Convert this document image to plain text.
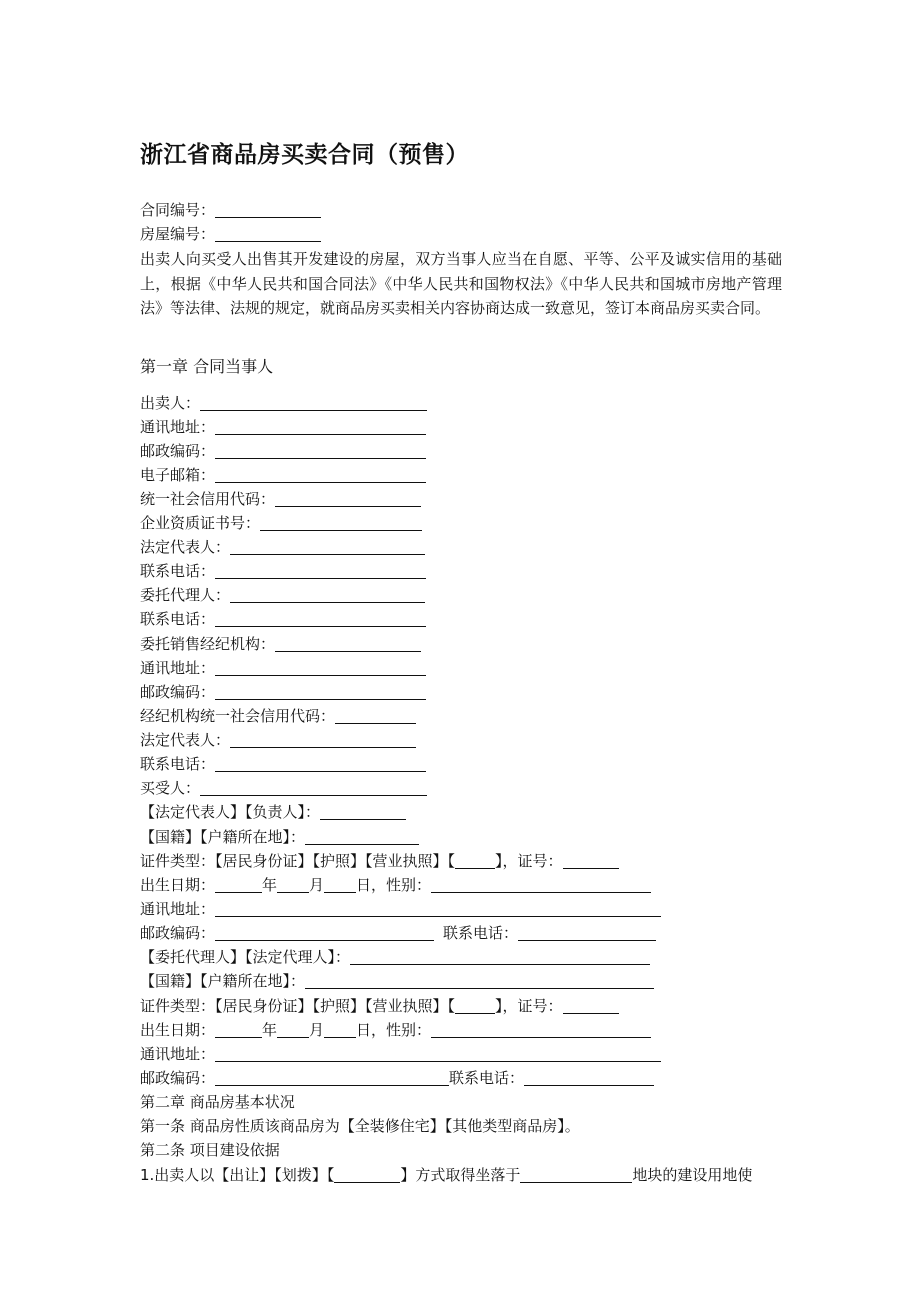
浙江省商品房买卖合同（预售）
合同编号：
房屋编号：
出卖人向买受人出售其开发建设的房屋，双方当事人应当在自愿、平等、公平及诚实信用的基础上，根据《中华人民共和国合同法》《中华人民共和国物权法》《中华人民共和国城市房地产管理法》等法律、法规的规定，就商品房买卖相关内容协商达成一致意见，签订本商品房买卖合同。
第一章 合同当事人
出卖人：
通讯地址：
邮政编码：
电子邮箱：
统一社会信用代码：
企业资质证书号：
法定代表人：
联系电话：
委托代理人：
联系电话：
委托销售经纪机构：
通讯地址：
邮政编码：
经纪机构统一社会信用代码：
法定代表人：
联系电话：
买受人：
【法定代表人】【负责人】：
【国籍】【户籍所在地】：
证件类型：【居民身份证】【护照】【营业执照】【	】，证号：
出生日期：	年 月 日，性别：
通讯地址：
邮政编码：	联系电话：
【委托代理人】【法定代理人】：
【国籍】【户籍所在地】：
证件类型：【居民身份证】【护照】【营业执照】【	】，证号：
出生日期：	年 月 日，性别：
通讯地址：
邮政编码：	联系电话：
第二章 商品房基本状况
第一条 商品房性质该商品房为【全装修住宅】【其他类型商品房】。
第二条 项目建设依据
1.出卖人以【出让】【划拨】【	】方式取得坐落于	地块的建设用地使
